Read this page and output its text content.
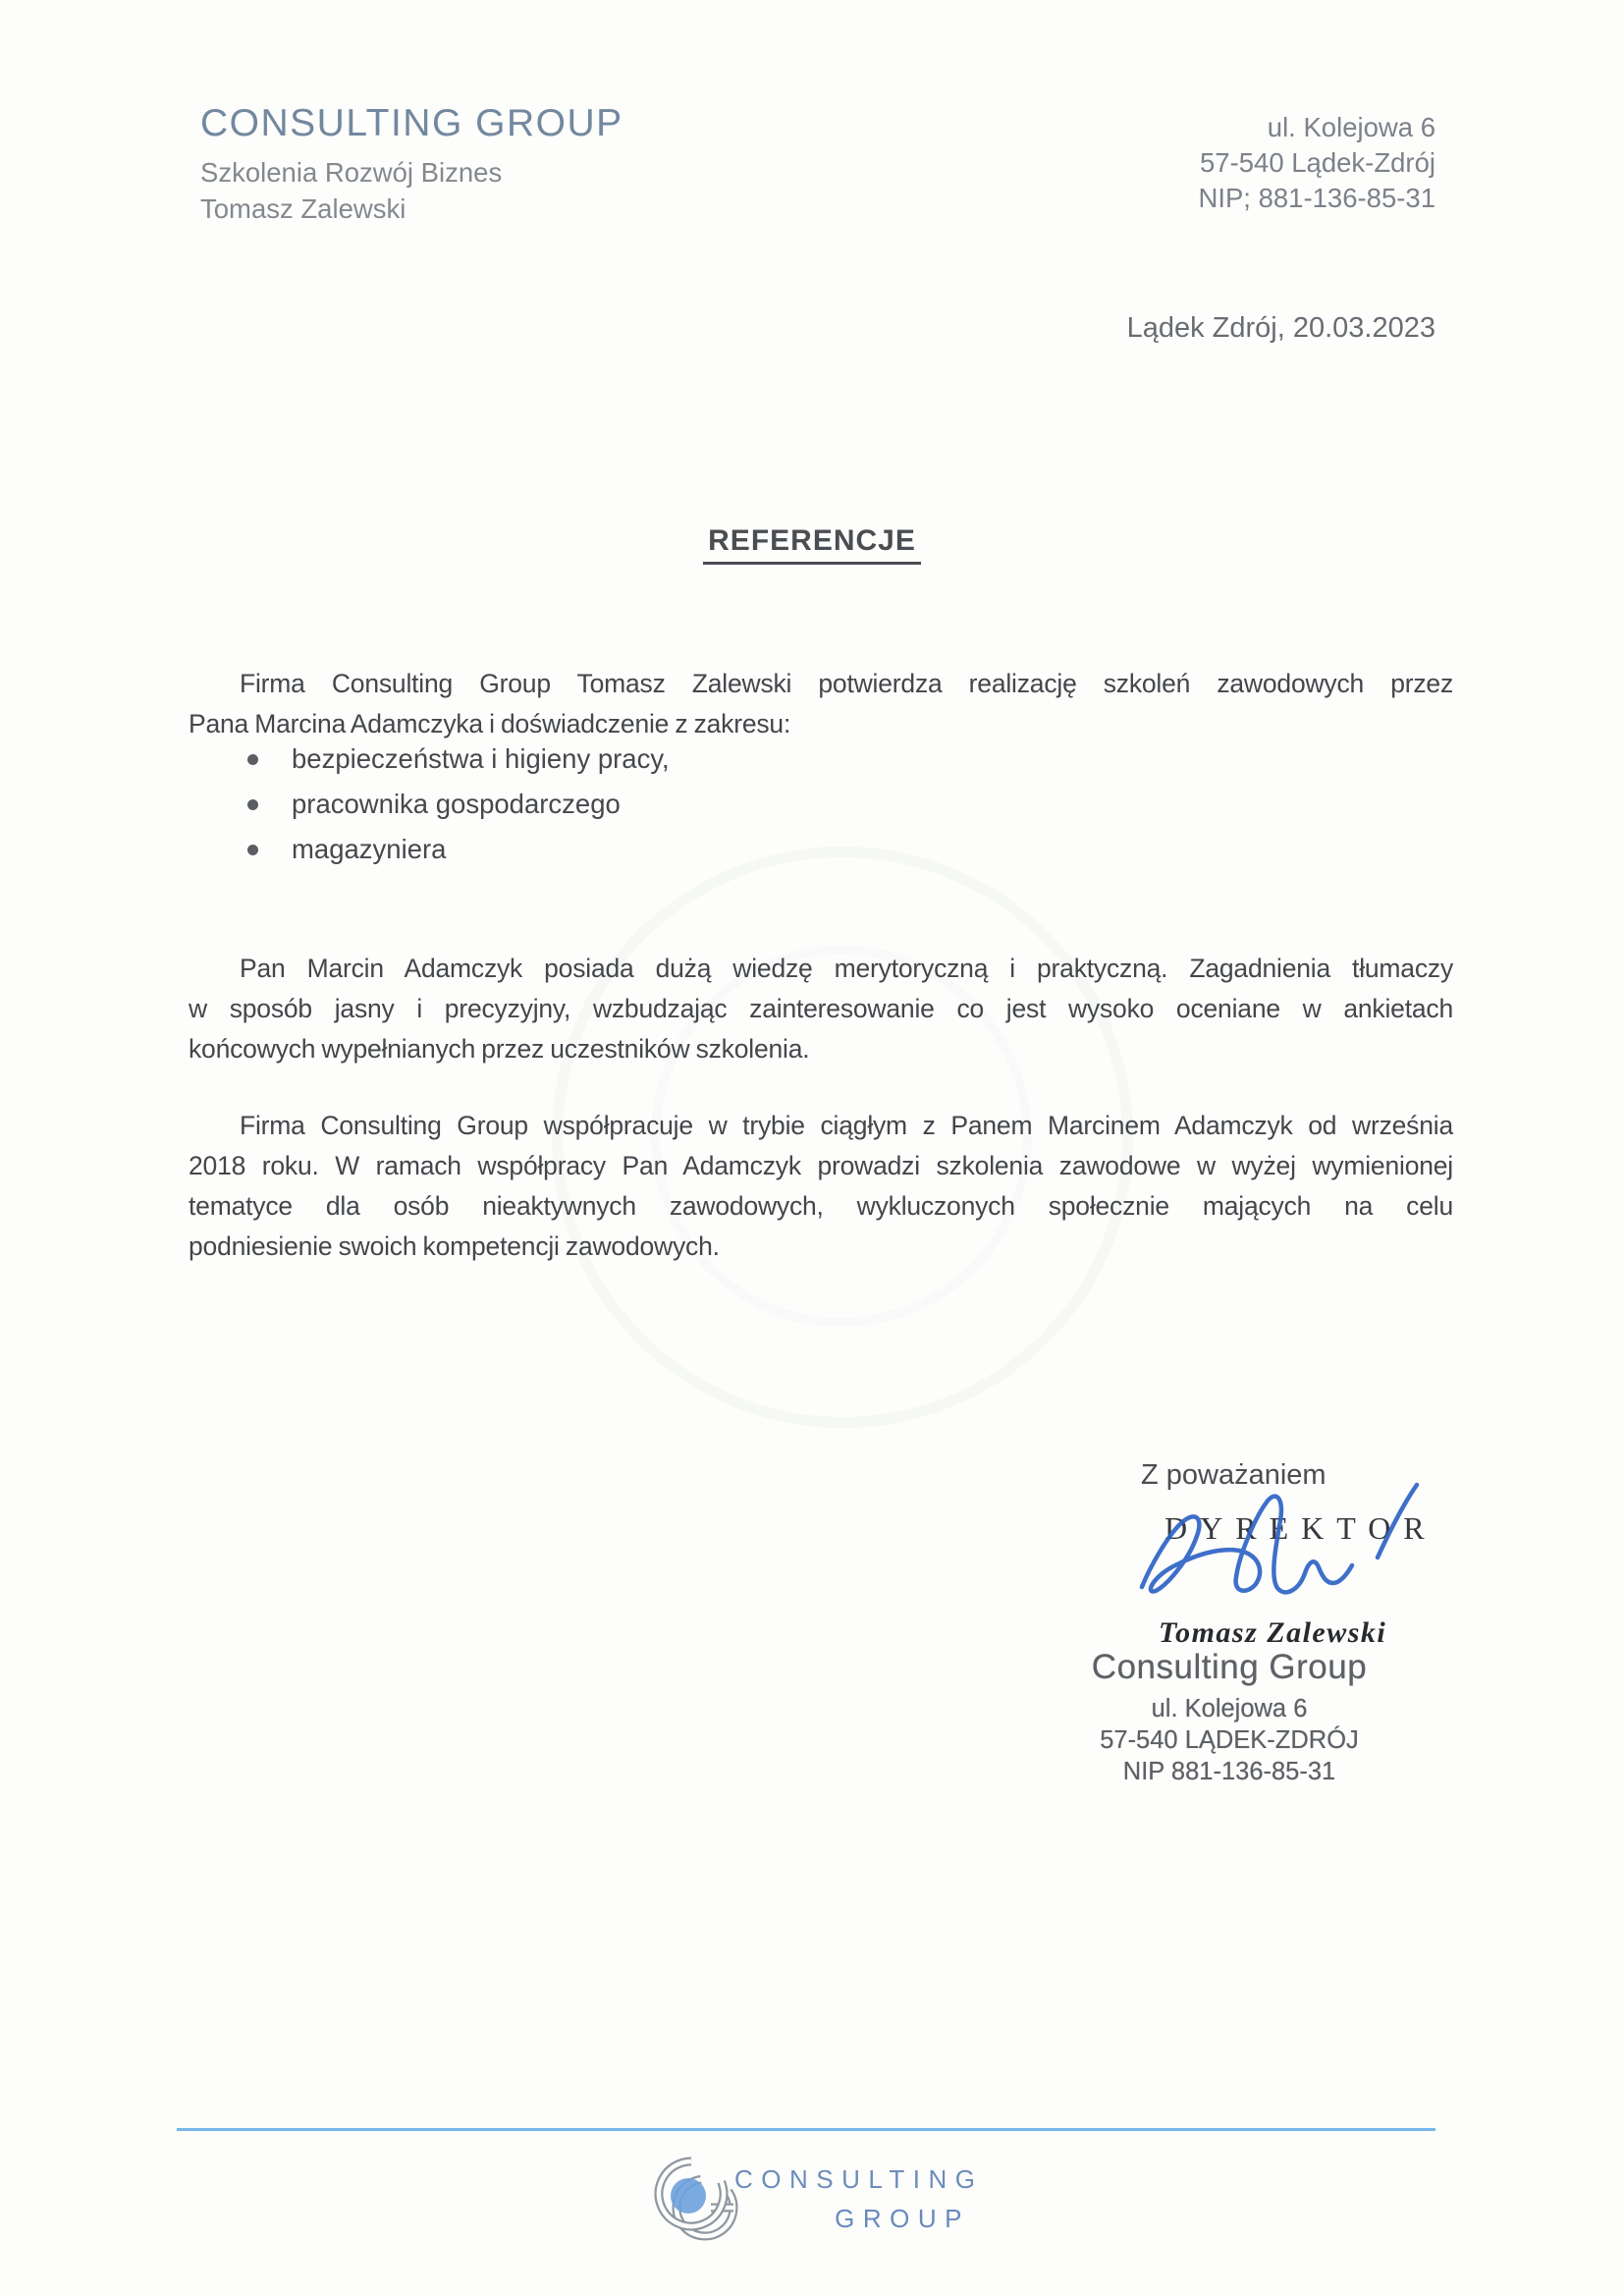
CONSULTING GROUP
Szkolenia Rozwój Biznes
Tomasz Zalewski
ul. Kolejowa 6
57-540 Lądek-Zdrój
NIP; 881-136-85-31
Lądek Zdrój, 20.03.2023
REFERENCJE
Firma Consulting Group Tomasz Zalewski potwierdza realizację szkoleń zawodowych przez
Pana Marcina Adamczyka i doświadczenie z zakresu:
bezpieczeństwa i higieny pracy,
pracownika gospodarczego
magazyniera
Pan Marcin Adamczyk posiada dużą wiedzę merytoryczną i praktyczną. Zagadnienia tłumaczy
w sposób jasny i precyzyjny, wzbudzając zainteresowanie co jest wysoko oceniane w ankietach
końcowych wypełnianych przez uczestników szkolenia.
Firma Consulting Group współpracuje w trybie ciągłym z Panem Marcinem Adamczyk od września
2018 roku. W ramach współpracy Pan Adamczyk prowadzi szkolenia zawodowe w wyżej wymienionej
tematyce dla osób nieaktywnych zawodowych, wykluczonych społecznie mających na celu
podniesienie swoich kompetencji zawodowych.
Z poważaniem
DYREKTOR
Tomasz Zalewski
Consulting Group
ul. Kolejowa 6
57-540 LĄDEK-ZDRÓJ
NIP 881-136-85-31
CONSULTING
GROUP
